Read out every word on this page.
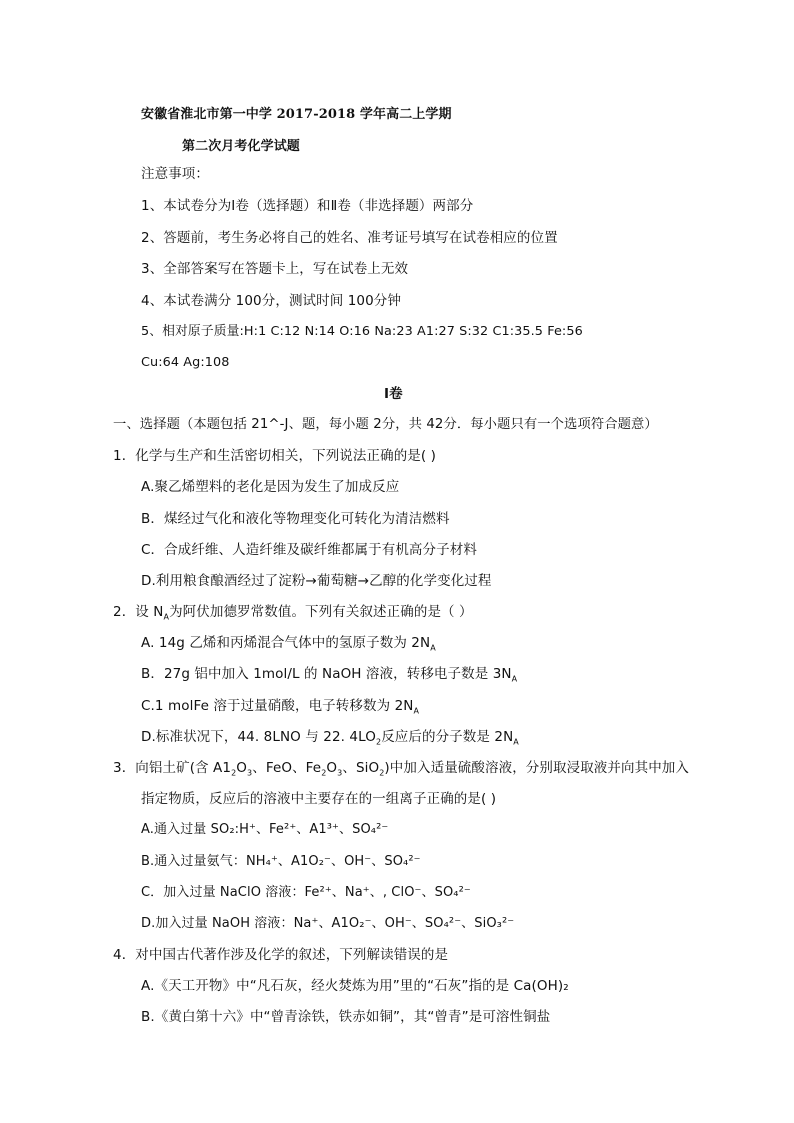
安徽省淮北市第一中学 2017-2018 学年高二上学期
第二次月考化学试题
注意事项：
1、本试卷分为Ⅰ卷（选择题）和Ⅱ卷（非选择题）两部分
2、答题前，考生务必将自己的姓名、准考证号填写在试卷相应的位置
3、全部答案写在答题卡上，写在试卷上无效
4、本试卷满分 100分，测试时间 100分钟
5、相对原子质量:H:1 C:12 N:14 O:16 Na:23 A1:27 S:32 C1:35.5 Fe:56
Cu:64 Ag:108
I卷
一、选择题（本题包括 21^-J、题，每小题 2分，共 42分．每小题只有一个选项符合题意）
1．化学与生产和生活密切相关，下列说法正确的是( )
A.聚乙烯塑料的老化是因为发生了加成反应
B．煤经过气化和液化等物理变化可转化为清洁燃料
C．合成纤维、人造纤维及碳纤维都属于有机高分子材料
D.利用粮食酿酒经过了淀粉→葡萄糖→乙醇的化学变化过程
2．设 $N_A$为阿伏加德罗常数值。下列有关叙述正确的是（ ）
A. 14g 乙烯和丙烯混合气体中的氢原子数为 $2N_A$
B．27g 铝中加入 1mol/L 的 NaOH 溶液，转移电子数是 $3N_A$
C.1 molFe 溶于过量硝酸，电子转移数为 $2N_A$
D.标准状况下，44. 8LNO 与 22. $4LO_2$反应后的分子数是 $2N_A$
3．向铝土矿(含 $A1_2O_3$、FeO、$Fe_2O_3$、SiO$_2$)中加入适量硫酸溶液，分别取浸取液并向其中加入
指定物质，反应后的溶液中主要存在的一组离子正确的是( )
A.通入过量 SO₂:H⁺、Fe²⁺、A1³⁺、SO₄²⁻
B.通入过量氨气：NH₄⁺、A1O₂⁻、OH⁻、SO₄²⁻
C．加入过量 NaClO 溶液：Fe²⁺、Na⁺、, ClO⁻、SO₄²⁻
D.加入过量 NaOH 溶液：Na⁺、A1O₂⁻、OH⁻、SO₄²⁻、SiO₃²⁻
4．对中国古代著作涉及化学的叙述，下列解读错误的是
A.《天工开物》中“凡石灰，经火焚炼为用”里的“石灰”指的是 Ca(OH)₂
B.《黄白第十六》中“曾青涂铁，铁赤如铜”，其“曾青”是可溶性铜盐
